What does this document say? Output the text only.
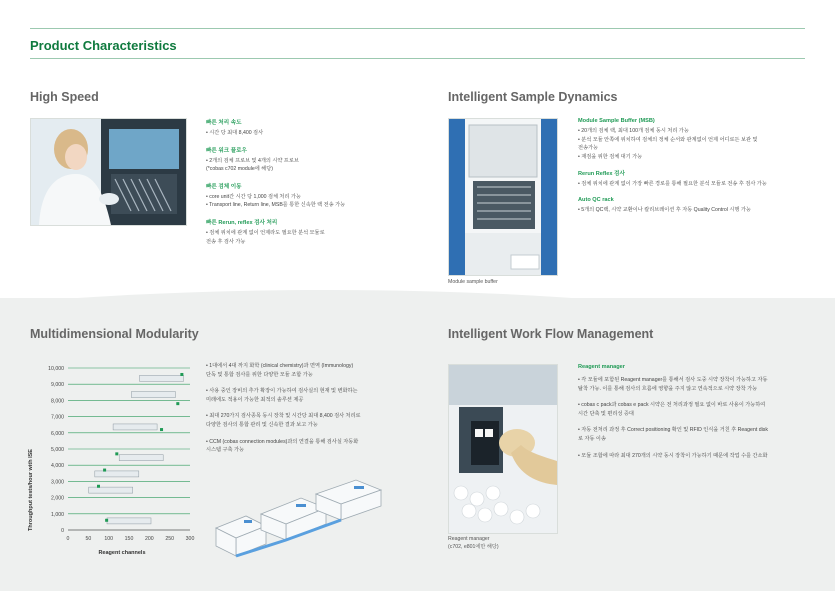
Product Characteristics
High Speed

빠른 처리 속도

• 시간 당 최대 8,400 검사

빠른 워크 플로우

• 2개의 검체 프로브 및 4개의 시약 프로브

(*cobas c702 module에 해당)

빠른 검체 이동

• core unit간 시간 당 1,000 검체 처리 가능

• Transport line, Return line, MSB를 통한 신속한 랙 전송 가능

빠른 Rerun, reflex 검사 처리

• 검체 위치에 관계 없이 언제라도 필요한 분석 모듈로

전송 후 검사 가능

Intelligent Sample Dynamics
Module sample buffer

Module Sample Buffer (MSB)

• 20개의 검체 랙, 최대 100개 검체 동시 처리 가능

• 분석 모듈 안쪽에 위치하여 검체의 정체 순서와 관계없이 언제 어디로든 보관 및

전송가능

• 재검을 위한 검체 대기 가능

Rerun Reflex 검사

• 검체 위치에 관계 없이 가장 빠른 경로를 통해 필요한 분석 모듈로 전송 후 검사 가능

Auto QC rack

• 5개의 QC랙, 시약 교환이나 칼리브레이션 후 자동 Quality Control 시행 가능

Multidimensional Modularity
Throughput tests/hour with ISE
Reagent channels
0
1,000
2,000
3,000
4,000
5,000
6,000
7,000
8,000
9,000
10,000
0	50	100 150 200 250 300

• 1대에서 4대 까지 화학 (clinical chemistry)과 면역 (Immunology)

단독 및 통합 검사를 위한 다양한 모듈 조합 가능

• 사용 중인 장비의 추가 확장이 가능하여 검사실의 현재 및 변화하는

미래에도 적용이 가능한 최적의 솔루션 제공

• 최대 270가지 검사종목 동시 장착 및 시간당 최대 8,400 검사 처리로

다양한 검사의 통합 관리 및 신속한 결과 보고 가능

• CCM (cobas connection modules)과의 연결을 통해 검사실 자동화

시스템 구축 가능

Intelligent Work Flow Management
Reagent manager
(c702, e801에만 해당)

Reagent manager

• 각 모듈에 포함된 Reagent manager를 통해서 검사 도중 시약 장착이 가능하고 자동

탈착 가능. 이를 통해 검사의 흐름에 영향을 주지 않고 연속적으로 시약 장착 가능

• cobas c pack과 cobas e pack 시약은 전 처리과정 필요 없이 바로 사용이 가능하여

시간 단축 및 편리성 증대

• 자동 전처리 과정 후 Correct positioning 확인 및 RFID 인식을 거친 후 Reagent disk

로 자동 이송

• 모듈 조합에 따라 최대 270개의 시약 동시 장착이 가능하기 때문에 작업 수를 간소화
